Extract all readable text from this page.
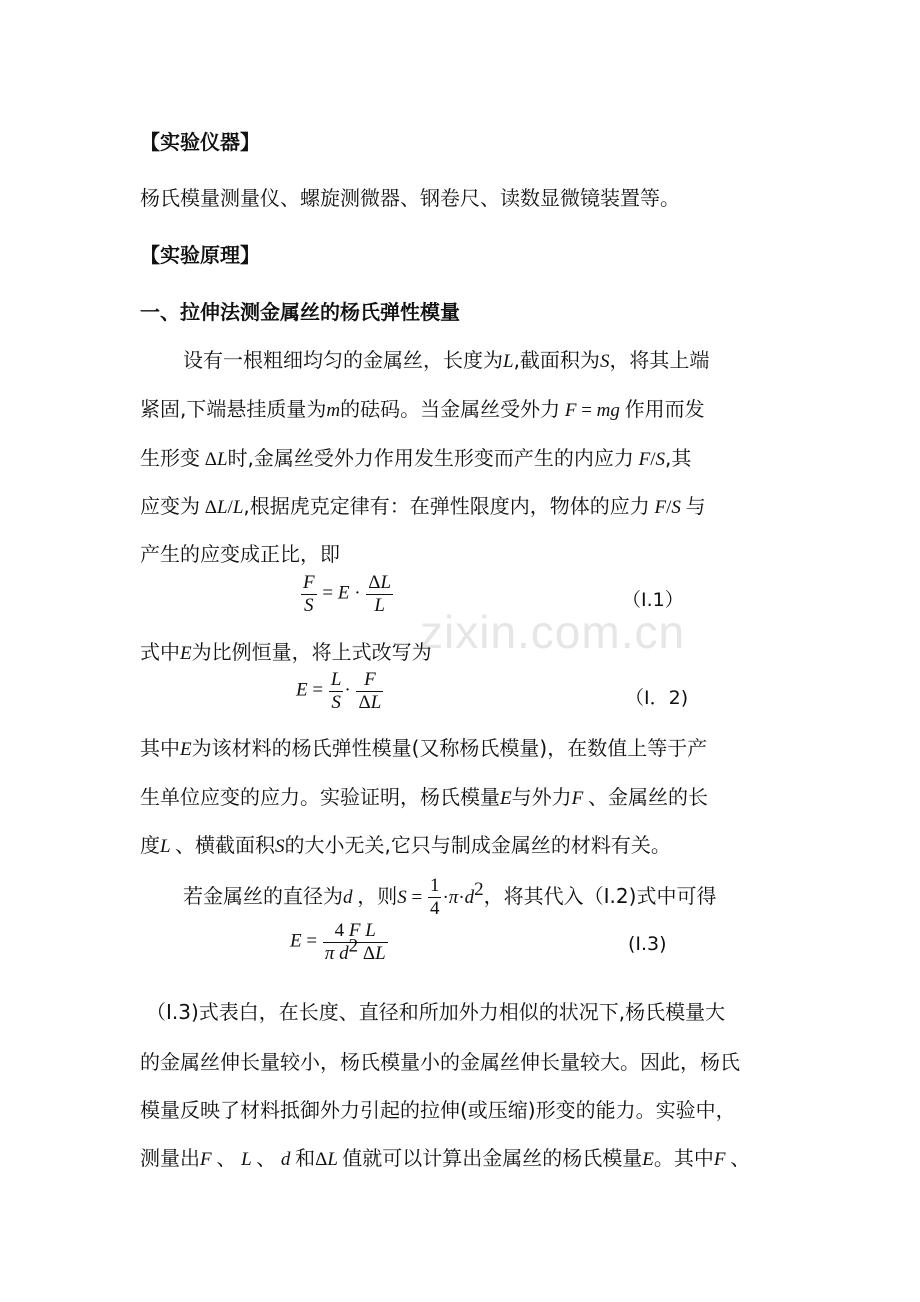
zixin.com.cn
【实验仪器】
杨氏模量测量仪、螺旋测微器、钢卷尺、读数显微镜装置等。
【实验原理】
一、拉伸法测金属丝的杨氏弹性模量
设有一根粗细均匀的金属丝，长度为L,截面积为S，将其上端
紧固,下端悬挂质量为m的砝码。当金属丝受外力 F = mg 作用而发
生形变 ΔL时,金属丝受外力作用发生形变而产生的内应力 F/S,其
应变为 ΔL/L,根据虎克定律有：在弹性限度内，物体的应力 F/S 与
产生的应变成正比，即
$\frac{F}{S} = E \cdot \frac{\Delta L}{L}$	（Ⅰ.1）
式中E为比例恒量，将上式改写为
$E = \frac{L}{S} \cdot \frac{F}{\Delta L}$	（Ⅰ．2)
其中E为该材料的杨氏弹性模量(又称杨氏模量)，在数值上等于产
生单位应变的应力。实验证明，杨氏模量E与外力F 、金属丝的长
度L 、横截面积S的大小无关,它只与制成金属丝的材料有关。
若金属丝的直径为d ，则$S = \frac{1}{4} \cdot\pi\cdot d^2$，将其代入（Ⅰ.2)式中可得
$E = \frac{\text{4 F L}}{\pi d^2 \Delta L}$	(Ⅰ.3)
（Ⅰ.3)式表白，在长度、直径和所加外力相似的状况下,杨氏模量大
的金属丝伸长量较小，杨氏模量小的金属丝伸长量较大。因此，杨氏
模量反映了材料抵御外力引起的拉伸(或压缩)形变的能力。实验中，
测量出F 、 L 、 d 和ΔL 值就可以计算出金属丝的杨氏模量E。其中F 、
